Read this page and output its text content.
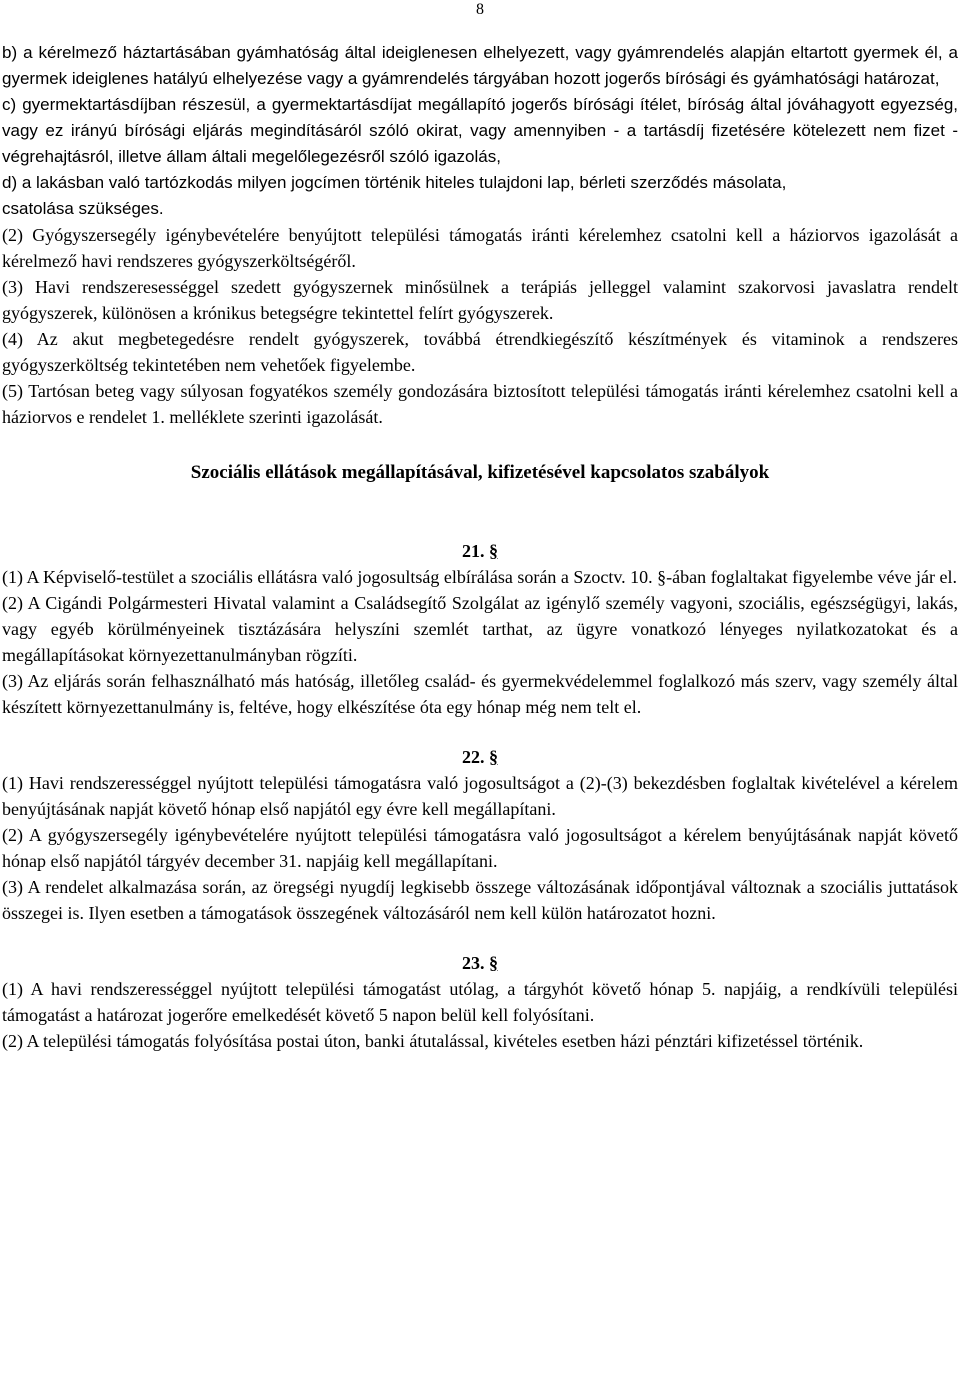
8

b) a kérelmező háztartásában gyámhatóság által ideiglenesen elhelyezett, vagy gyámrendelés alapján eltartott gyermek él, a gyermek ideiglenes hatályú elhelyezése vagy a gyámrendelés tárgyában hozott jogerős bírósági és gyámhatósági határozat,

c) gyermektartásdíjban részesül, a gyermektartásdíjat megállapító jogerős bírósági ítélet, bíróság által jóváhagyott egyezség, vagy ez irányú bírósági eljárás megindításáról szóló okirat, vagy amennyiben - a tartásdíj fizetésére kötelezett nem fizet - végrehajtásról, illetve állam általi megelőlegezésről szóló igazolás,

d) a lakásban való tartózkodás milyen jogcímen történik hiteles tulajdoni lap, bérleti szerződés másolata,

csatolása szükséges.

(2) Gyógyszersegély igénybevételére benyújtott települési támogatás iránti kérelemhez csatolni kell a háziorvos igazolását a kérelmező havi rendszeres gyógyszerköltségéről.

(3) Havi rendszeresességgel szedett gyógyszernek minősülnek a terápiás jelleggel valamint szakorvosi javaslatra rendelt gyógyszerek, különösen a krónikus betegségre tekintettel felírt gyógyszerek.

(4) Az akut megbetegedésre rendelt gyógyszerek, továbbá étrendkiegészítő készítmények és vitaminok a rendszeres gyógyszerköltség tekintetében nem vehetőek figyelembe.

(5) Tartósan beteg vagy súlyosan fogyatékos személy gondozására biztosított települési támogatás iránti kérelemhez csatolni kell a háziorvos e rendelet 1. melléklete szerinti igazolását.

Szociális ellátások megállapításával, kifizetésével kapcsolatos szabályok

21. §

(1) A Képviselő-testület a szociális ellátásra való jogosultság elbírálása során a Szoctv. 10. §-ában foglaltakat figyelembe véve jár el.

(2) A Cigándi Polgármesteri Hivatal valamint a Családsegítő Szolgálat az igénylő személy vagyoni, szociális, egészségügyi, lakás, vagy egyéb körülményeinek tisztázására helyszíni szemlét tarthat, az ügyre vonatkozó lényeges nyilatkozatokat és a megállapításokat környezettanulmányban rögzíti.

(3) Az eljárás során felhasználható más hatóság, illetőleg család- és gyermekvédelemmel foglalkozó más szerv, vagy személy által készített környezettanulmány is, feltéve, hogy elkészítése óta egy hónap még nem telt el.

22. §

(1) Havi rendszerességgel nyújtott települési támogatásra való jogosultságot a (2)-(3) bekezdésben foglaltak kivételével a kérelem benyújtásának napját követő hónap első napjától egy évre kell megállapítani.

(2) A gyógyszersegély igénybevételére nyújtott települési támogatásra való jogosultságot a kérelem benyújtásának napját követő hónap első napjától tárgyév december 31. napjáig kell megállapítani.

(3) A rendelet alkalmazása során, az öregségi nyugdíj legkisebb összege változásának időpontjával változnak a szociális juttatások összegei is. Ilyen esetben a támogatások összegének változásáról nem kell külön határozatot hozni.

23. §

(1) A havi rendszerességgel nyújtott települési támogatást utólag, a tárgyhót követő hónap 5. napjáig, a rendkívüli települési támogatást a határozat jogerőre emelkedését követő 5 napon belül kell folyósítani.

(2) A települési támogatás folyósítása postai úton, banki átutalással, kivételes esetben házi pénztári kifizetéssel történik.
